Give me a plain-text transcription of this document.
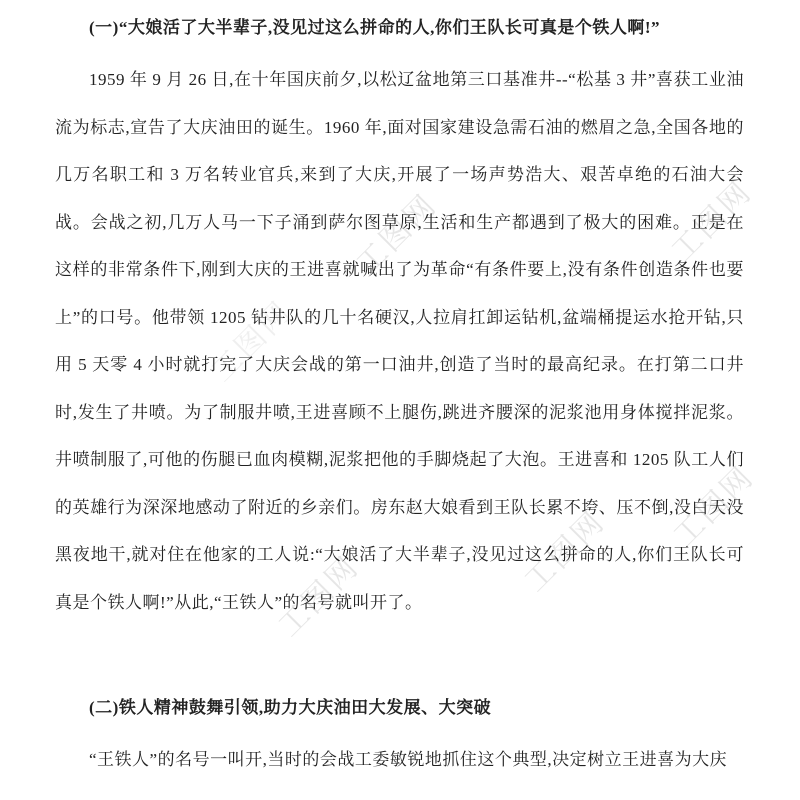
工图网	工图网
工图网
工图网 工图网
工图网
(一)“大娘活了大半辈子,没见过这么拼命的人,你们王队长可真是个铁人啊!”

1959 年 9 月 26 日,在十年国庆前夕,以松辽盆地第三口基准井--“松基 3 井”喜获工业油流为标志,宣告了大庆油田的诞生。1960 年,面对国家建设急需石油的燃眉之急,全国各地的几万名职工和 3 万名转业官兵,来到了大庆,开展了一场声势浩大、艰苦卓绝的石油大会战。会战之初,几万人马一下子涌到萨尔图草原,生活和生产都遇到了极大的困难。正是在这样的非常条件下,刚到大庆的王进喜就喊出了为革命“有条件要上,没有条件创造条件也要上”的口号。他带领 1205 钻井队的几十名硬汉,人拉肩扛卸运钻机,盆端桶提运水抢开钻,只用 5 天零 4 小时就打完了大庆会战的第一口油井,创造了当时的最高纪录。在打第二口井时,发生了井喷。为了制服井喷,王进喜顾不上腿伤,跳进齐腰深的泥浆池用身体搅拌泥浆。井喷制服了,可他的伤腿已血肉模糊,泥浆把他的手脚烧起了大泡。王进喜和 1205 队工人们的英雄行为深深地感动了附近的乡亲们。房东赵大娘看到王队长累不垮、压不倒,没白天没黑夜地干,就对住在他家的工人说:“大娘活了大半辈子,没见过这么拼命的人,你们王队长可真是个铁人啊!”从此,“王铁人”的名号就叫开了。

(二)铁人精神鼓舞引领,助力大庆油田大发展、大突破

“王铁人”的名号一叫开,当时的会战工委敏锐地抓住这个典型,决定树立王进喜为大庆
